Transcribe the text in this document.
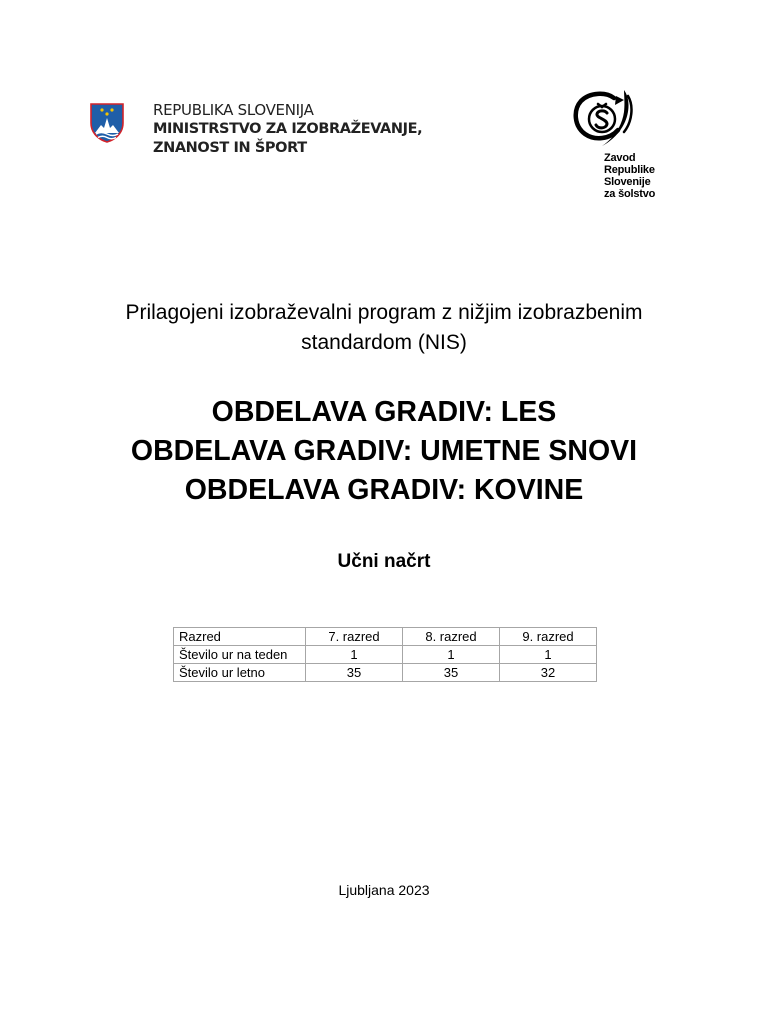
REPUBLIKA SLOVENIJA
MINISTRSTVO ZA IZOBRAŽEVANJE,
ZNANOST IN ŠPORT
Zavod
Republike
Slovenije
za šolstvo
Prilagojeni izobraževalni program z nižjim izobrazbenim
standardom (NIS)
OBDELAVA GRADIV: LES
OBDELAVA GRADIV: UMETNE SNOVI
OBDELAVA GRADIV: KOVINE
Učni načrt
Razred	7. razred	8. razred	9. razred
Število ur na teden	1	1	1
Število ur letno	35	35	32
Ljubljana 2023
